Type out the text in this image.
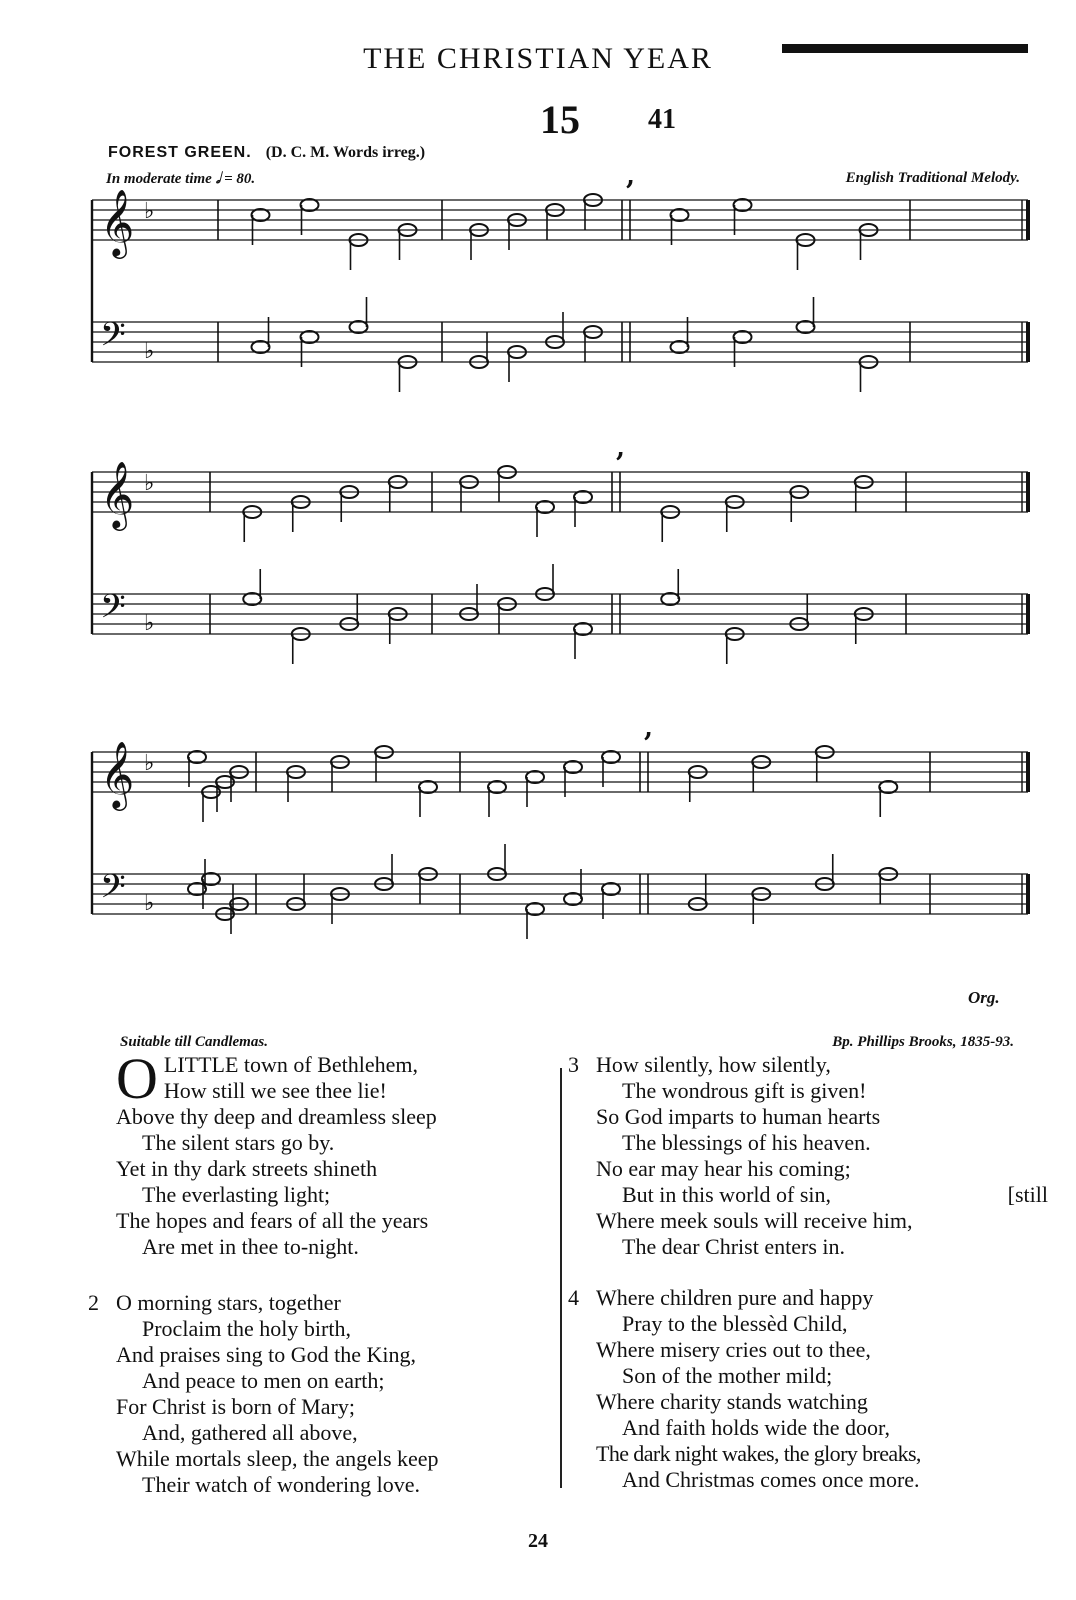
THE CHRISTIAN YEAR
15 41
FOREST GREEN. (D. C. M. Words irreg.)
In moderate time 𝅗𝅥 = 80.	English Traditional Melody.
𝄞 ♭
𝄢 ♭
,
𝄞 ♭
𝄢 ♭
,
𝄞 ♭
𝄢 ♭
,
Org.
Suitable till Candlemas.	Bp. Phillips Brooks, 1835-93.
O LITTLE town of Bethlehem,
How still we see thee lie!
Above thy deep and dreamless sleep
The silent stars go by.
Yet in thy dark streets shineth
The everlasting light;
The hopes and fears of all the years
Are met in thee to-night.
2 O morning stars, together
Proclaim the holy birth,
And praises sing to God the King,
And peace to men on earth;
For Christ is born of Mary;
And, gathered all above,
While mortals sleep, the angels keep
Their watch of wondering love.
3 How silently, how silently,
The wondrous gift is given!
So God imparts to human hearts
The blessings of his heaven.
No ear may hear his coming;
But in this world of sin,	[still
Where meek souls will receive him,
The dear Christ enters in.
4 Where children pure and happy
Pray to the blessèd Child,
Where misery cries out to thee,
Son of the mother mild;
Where charity stands watching
And faith holds wide the door,
The dark night wakes, the glory breaks,
And Christmas comes once more.
24
